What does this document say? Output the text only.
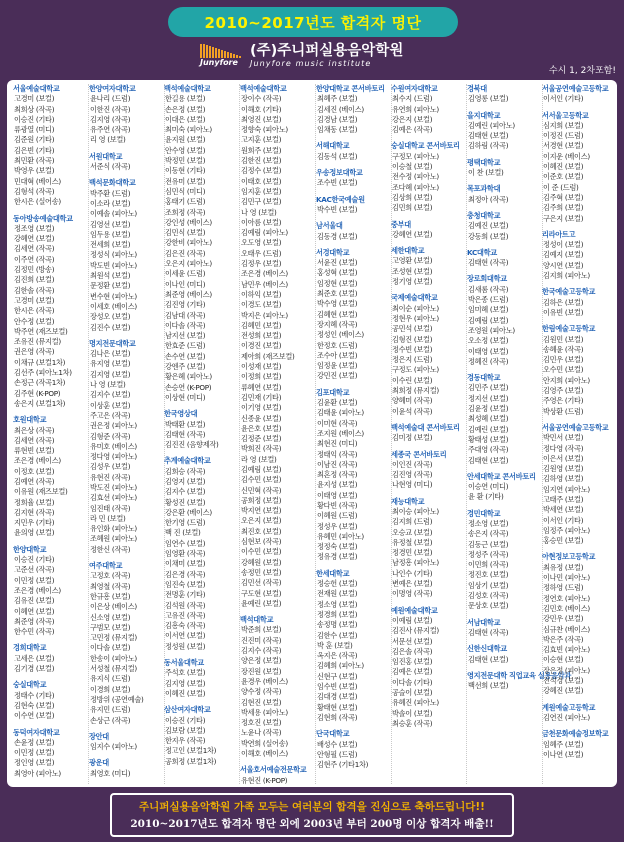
2010~2017년도 합격자 명단
Junyfore
(주)주니퍼실용음악학원
Junyfore music institute
수시 1, 2차포함!
서울예술대학교
고경미 (보컬)
최희상 (작곡)
이승진 (기타)
류광열 (미디)
김준원 (기타)
김은빈 (기타)
최민환 (작곡)
박영우 (보컬)
민대혁 (베이스)
김형석 (작곡)
한시은 (실어송)
동아방송예술대학교
정조영 (보컬)
강혜연 (보컬)
김세연 (작곡)
이주연 (작곡)
김정민 (방송)
김진희 (보컬)
김한솔 (작곡)
고경미 (보컬)
한시은 (작곡)
안수정 (보컬)
박주연 (재즈보컬)
조유진 (뮤지컬)
권은영 (작곡)
이채규 (보컬1차)
김선주 (피아노1차)
손정근 (작곡1차)
김주현 (K-POP)
송은지 (보컬1차)
호원대학교
최은상 (작곡)
김세연 (작곡)
류현빈 (보컬)
조은경 (베이스)
이정호 (보컬)
김예연 (작곡)
이유원 (재즈보컬)
정희율 (보컬)
김지현 (작곡)
지민우 (기타)
윤의영 (보컬)
한양대학교
이승진 (기타)
고준선 (작곡)
이민정 (보컬)
조은경 (베이스)
김유진 (보컬)
이혜연 (보컬)
최준영 (작곡)
한수민 (작곡)
경희대학교
고세은 (보컬)
김기경 (보컬)
숭실대학교
정태수 (기타)
김현숙 (보컬)
이수연 (보컬)
동덕여자대학교
손윤정 (보컬)
이민정 (보컬)
정인영 (보컬)
최영아 (피아노)
한양여자대학교
윤나리 (드럼)
이한진 (작곡)
김지영 (작곡)
유주연 (작곡)
리 영 (보컬)
서원대학교
서준식 (작곡)
백석문화대학교
박주환 (드럼)
이소라 (보컬)
이예솔 (피아노)
김영선 (보컬)
임두용 (보컬)
전세희 (보컬)
정성식 (피아노)
박도빈 (피아노)
최원석 (보컬)
문정환 (보컬)
변수현 (피아노)
이세호 (베이스)
장성오 (보컬)
김진수 (보컬)
명지전문대학교
김나은 (보컬)
유지영 (보컬)
김지영 (보컬)
나 영 (보컬)
김지수 (보컬)
이상훈 (보컬)
주고은 (작곡)
권은정 (피아노)
김형준 (작곡)
유미호 (베이스)
정다영 (피아노)
김성우 (보컬)
유현진 (작곡)
박도진 (피아노)
김효선 (피아노)
임진태 (작곡)
라 민 (보컬)
유인화 (피아노)
조혜원 (피아노)
정한신 (작곡)
여주대학교
고정호 (작곡)
최영철 (작곡)
한규흥 (보컬)
이은상 (베이스)
신소영 (보컬)
구범모 (보컬)
고민정 (뮤지컬)
이다솔 (보컬)
한송이 (피아노)
서성철 (뮤지컬)
유지식 (드럼)
이경희 (보컬)
정방위 (공연예술)
유지민 (드럼)
손상근 (작곡)
장안대
임지수 (피아노)
광운대
최영호 (미디)
백석예술대학교
한길용 (보컬)
손은정 (보컬)
이대은 (보컬)
최미숙 (피아노)
윤지원 (보컬)
안수영 (보컬)
박정민 (보컬)
이동현 (기타)
전유미 (보컬)
심민식 (미디)
홍태기 (드럼)
조희정 (작곡)
강인성 (베이스)
김민식 (보컬)
강한비 (피아노)
김은진 (작곡)
오은지 (피아노)
이세윤 (드럼)
이나인 (미디)
최준영 (베이스)
김진영 (기타)
김남대 (작곡)
이다솔 (작곡)
남지선 (보컬)
한효준 (드럼)
손수연 (보컬)
강엔주 (보컬)
황은혜 (피아노)
손승연 (K-POP)
이상현 (미디)
한국영상대
박태환 (보컬)
김태현 (작곡)
김진진 (음향제작)
추계예술대학교
김희승 (작곡)
김영지 (보컬)
김지수 (보컬)
황성진 (보컬)
강은환 (베이스)
한기영 (드럼)
백 진 (보컬)
임연수 (보컬)
임영환 (작곡)
이채미 (보컬)
김은경 (작곡)
임진숙 (보컬)
전명훈 (기타)
김석원 (작곡)
고유진 (작곡)
김흥숙 (작곡)
이서연 (보컬)
정성원 (보컬)
동서울대학교
주석호 (보컬)
김지영 (보컬)
이혜진 (보컬)
삼산여자대학교
이승진 (기타)
김보람 (보컬)
한지우 (작곡)
정고인 (보컬1차)
공희정 (보컬1차)
백석예술대학교
장이수 (작곡)
이해호 (기타)
최영진 (보컬)
정향숙 (피아노)
고지훈 (보컬)
원희주 (보컬)
김한진 (보컬)
김정수 (보컬)
이태호 (보컬)
임지훈 (보컬)
김민구 (보컬)
나 영 (보컬)
이아름 (보컬)
김예림 (피아노)
오도영 (보컬)
오태우 (드럼)
김정우 (보컬)
조은경 (베이스)
남민우 (베이스)
이하익 (보컬)
이경도 (보컬)
박지은 (피아노)
김혜민 (보컬)
전성희 (보컬)
이경진 (보컬)
제아희 (재즈보컬)
이성재 (보컬)
이정희 (보컬)
류혜연 (보컬)
김민재 (기타)
이기영 (보컬)
신종윤 (보컬)
윤은호 (보컬)
김정준 (보컬)
박희진 (작곡)
라 영 (보컬)
김예림 (보컬)
김수민 (보컬)
신민혁 (작곡)
공희정 (보컬)
박지연 (보컬)
오은지 (보컬)
최진호 (보컬)
심현보 (작곡)
이수민 (보컬)
강혜원 (보컬)
송정민 (보컬)
김민선 (작곡)
구도현 (보컬)
윤예린 (보컬)
백석대학교
박준희 (보컬)
진진미 (작곡)
김지수 (작곡)
양은정 (보컬)
장진원 (보컬)
윤경우 (베이스)
양수정 (작곡)
김현진 (보컬)
박세용 (피아노)
정호진 (보컬)
노윤나 (작곡)
박연희 (실어송)
이해호 (베이스)
서울호서예술전문학교
유현진 (K-POP)
한양대학교 콘서바토리
최혜주 (보컬)
김세진 (베이스)
김경남 (보컬)
임채동 (보컬)
서해대학교
김동석 (보컬)
우송정보대학교
조수빈 (보컬)
KAC한국예술원
박수빈 (보컬)
남서울대
김동경 (보컬)
서경대학교
서윤진 (보컬)
홍성혁 (보컬)
임정현 (보컬)
최준호 (보컬)
박수영 (보컬)
김혜현 (보컬)
장지혜 (작곡)
정성인 (베이스)
한정호 (드럼)
조수아 (보컬)
임정윤 (보컬)
강민진 (보컬)
김포대학교
김윤환 (보컬)
김태윤 (피아노)
이미현 (작곡)
조지원 (베이스)
최현진 (미디)
정태익 (작곡)
이남진 (작곡)
최혼정 (작곡)
윤지성 (보컬)
이태영 (보컬)
황다빈 (작곡)
이혜원 (드럼)
정성우 (보컬)
유혜민 (피아노)
정정숙 (보컬)
정유경 (보컬)
한세대학교
정승헌 (보컬)
전재원 (보컬)
정소영 (보컬)
정경희 (보컬)
송정명 (보컬)
김한수 (보컬)
박 훈 (보컬)
옥지은 (작곡)
김혜희 (피아노)
신현구 (보컬)
임수빈 (보컬)
김대경 (보컬)
황태현 (보컬)
김현희 (작곡)
단국대학교
배성수 (보컬)
안형필 (드럼)
김현주 (기타1차)
수원여자대학교
최수지 (드럼)
유연희 (피아노)
강은지 (보컬)
김예은 (작곡)
숭실대학교 콘서바토리
구정모 (피아노)
이승철 (보컬)
전수정 (피아노)
조다혜 (피아노)
김상희 (보컬)
김민희 (보컬)
중부대
강혜연 (보컬)
세한대학교
고영환 (보컬)
조성현 (보컬)
정기영 (보컬)
국제예술대학교
최이순 (피아노)
정현우 (피아노)
공민석 (보컬)
김형진 (보컬)
정수빈 (보컬)
정은지 (드럼)
구정도 (피아노)
이수린 (보컬)
최희정 (뮤지컬)
양혜미 (작곡)
이윤석 (작곡)
백석예술대 콘서바토리
김미정 (보컬)
세종국 콘서바토리
이인진 (작곡)
김진영 (작곡)
나현영 (미디)
재능대학교
최이승 (피아노)
김지희 (드럼)
오승교 (보컬)
유정철 (보컬)
정경민 (보컬)
남정흥 (피아노)
나인수 (기타)
변예은 (보컬)
이명영 (작곡)
예원예술대학교
이예림 (보컬)
김진사 (뮤지컬)
서문선 (보컬)
김은솔 (작곡)
임진홍 (보컬)
김예은 (보컬)
이다솔 (기타)
공슬이 (보컬)
유혜진 (피아노)
박솔이 (보컬)
최승훈 (작곡)
경북대
김영롱 (보컬)
을지대학교
김예린 (피아노)
김태현 (보컬)
김하림 (작곡)
평택대학교
이 찬 (보컬)
목포과학대
최정아 (작곡)
충청대학교
김예진 (보컬)
강동희 (보컬)
KC대학교
김태현 (작곡)
장로회대학교
김새롬 (작곡)
박은종 (드럼)
임미혜 (보컬)
김예림 (보컬)
조영원 (피아노)
오소정 (보컬)
이태영 (보컬)
정혜진 (작곡)
경동대학교
김민주 (보컬)
정지선 (보컬)
김윤정 (보컬)
최성혜 (보컬)
김예린 (보컬)
황태성 (보컬)
주대영 (작곡)
김태현 (보컬)
안세대학교 콘서바토리
이승연 (미디)
윤 환 (기타)
경민대학교
정소영 (보컬)
송은지 (작곡)
김동근 (보컬)
정성주 (작곡)
이민희 (작곡)
정진호 (보컬)
임상기 (보컬)
김성호 (작곡)
문상호 (보컬)
서남대학교
김태현 (작곡)
신한신대학교
김태현 (보컬)
영지전문대학 직업교육 실용음악과
백선희 (보컬)
서울공연예술고등학교
이서인 (기타)
서서울고등학교
심지희 (보컬)
이정진 (드럼)
서경현 (보컬)
이지운 (베이스)
이혜진 (보컬)
이준호 (보컬)
이 준 (드럼)
김주혁 (보컬)
김주희 (보컬)
구은지 (보컬)
리라아트고
정성이 (보컬)
김예지 (보컬)
양시연 (보컬)
김지희 (피아노)
한국예술고등학교
김하은 (보컬)
이유빈 (보컬)
한림예술고등학교
김원민 (보컬)
송혜윤 (작곡)
김민우 (보컬)
오수민 (보컬)
안지희 (피아노)
김영주 (보컬)
주영은 (기타)
박상환 (드럼)
서울공연예술고등학교
박민서 (보컬)
정다영 (작곡)
이은서 (보컬)
김원영 (보컬)
김하영 (보컬)
임지연 (피아노)
고태주 (보컬)
박세연 (보컬)
이서인 (기타)
임정주 (피아노)
홍승민 (보컬)
아현정보고등학교
최유정 (보컬)
이나민 (피아노)
정하영 (드럼)
정연호 (피아노)
김민호 (베이스)
강민우 (보컬)
심규찬 (베이스)
박은주 (작곡)
김효빈 (피아노)
이승현 (보컬)
장은정 (피아노)
전석경 (보컬)
강혜진 (보컬)
계원예술고등학교
김연진 (피아노)
금천문화예술정보학교
임혜주 (보컬)
이나연 (보컬)
주니퍼실용음악학원 가족 모두는 여러분의 합격을 진심으로 축하드립니다!!
2010~2017년도 합격자 명단 외에 2003년 부터 200명 이상 합격자 배출!!
